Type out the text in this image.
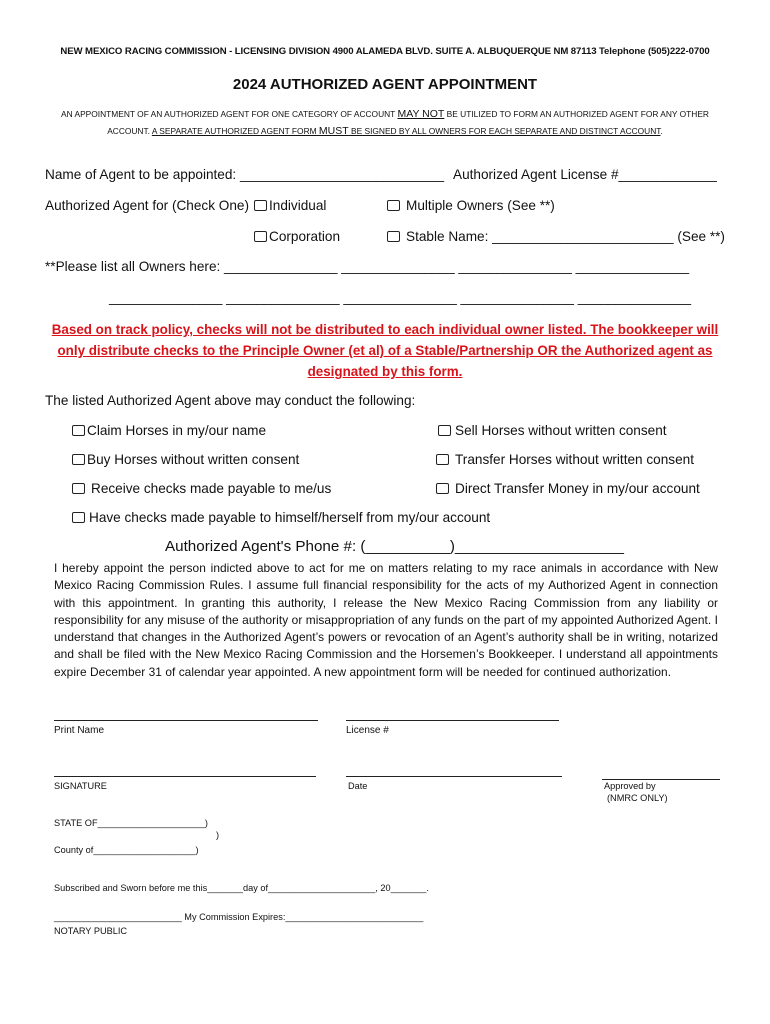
NEW MEXICO RACING COMMISSION - LICENSING DIVISION 4900 ALAMEDA BLVD. SUITE A. ALBUQUERQUE NM 87113 Telephone (505)222-0700
2024 AUTHORIZED AGENT APPOINTMENT
AN APPOINTMENT OF AN AUTHORIZED AGENT FOR ONE CATEGORY OF ACCOUNT MAY NOT BE UTILIZED TO FORM AN AUTHORIZED AGENT FOR ANY OTHER
ACCOUNT. A SEPARATE AUTHORIZED AGENT FORM MUST BE SIGNED BY ALL OWNERS FOR EACH SEPARATE AND DISTINCT ACCOUNT.
Name of Agent to be appointed: ___________________________ Authorized Agent License #_____________
Authorized Agent for (Check One)	Individual	Multiple Owners (See **)
Corporation	Stable Name: ________________________ (See **)
**Please list all Owners here: _______________ _______________ _______________ _______________
_______________ _______________ _______________ _______________ _______________
Based on track policy, checks will not be distributed to each individual owner listed. The bookkeeper will only distribute checks to the Principle Owner (et al) of a Stable/Partnership OR the Authorized agent as designated by this form.
The listed Authorized Agent above may conduct the following:
Claim Horses in my/our name	Sell Horses without written consent
Buy Horses without written consent	Transfer Horses without written consent
Receive checks made payable to me/us	Direct Transfer Money in my/our account
Have checks made payable to himself/herself from my/our account
Authorized Agent's Phone #: (__________)____________________
I hereby appoint the person indicted above to act for me on matters relating to my race animals in accordance with New Mexico Racing Commission Rules. I assume full financial responsibility for the acts of my Authorized Agent in connection with this appointment. In granting this authority, I release the New Mexico Racing Commission from any liability or responsibility for any misuse of the authority or misappropriation of any funds on the part of my appointed Authorized Agent. I understand that changes in the Authorized Agent’s powers or revocation of an Agent’s authority shall be in writing, notarized and shall be filed with the New Mexico Racing Commission and the Horsemen’s Bookkeeper. I understand all appointments expire December 31 of calendar year appointed. A new appointment form will be needed for continued authorization.
Print Name	License #
SIGNATURE	Date	Approved by
(NMRC ONLY)
STATE OF_____________________)
)
County of____________________)
Subscribed and Sworn before me this_______day of_____________________, 20_______.
_________________________ My Commission Expires:___________________________
NOTARY PUBLIC
